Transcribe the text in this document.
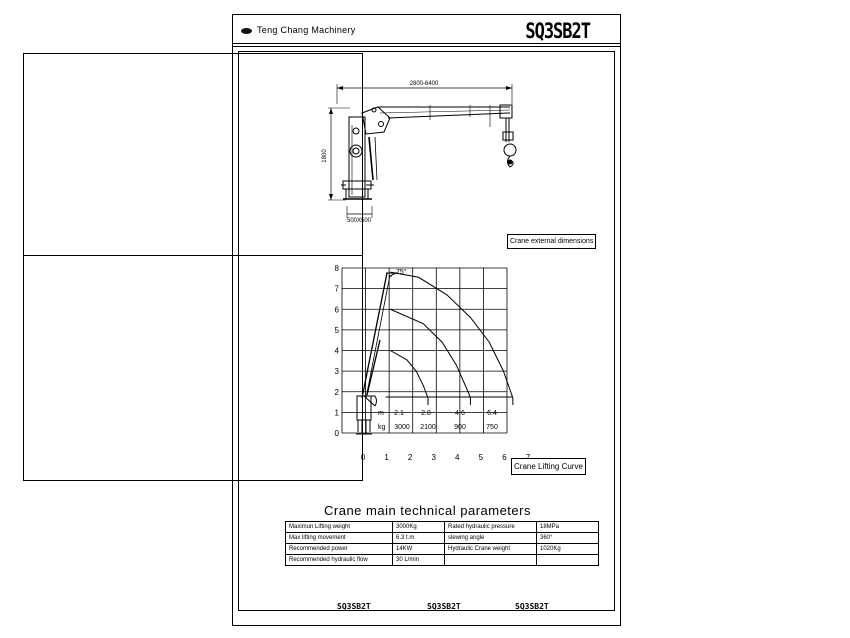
Teng Chang Machinery	SQ3SB2T
Crane main technical parameters
Maximun Lifting weight	3000Kg	Rated hydraulic pressure	18MPa
Max lifting movement	6.3 t.m	slewing angle	360°
Recommended power	14KW	Hydraulic Crane weight	1020Kg
Recommended hydraulic flow	30 L/min		
SQ3SB2T	SQ3SB2T	SQ3SB2T
2800-6400
1800
500X500
0
1
2
3
4
5
6
7
8
0 1 2 3 4 5 6
75°
m
kg
2.1 2.8	4.6	6.4
3000 2100	900	750
Crane external dimensions
Crane Lifting Curve
